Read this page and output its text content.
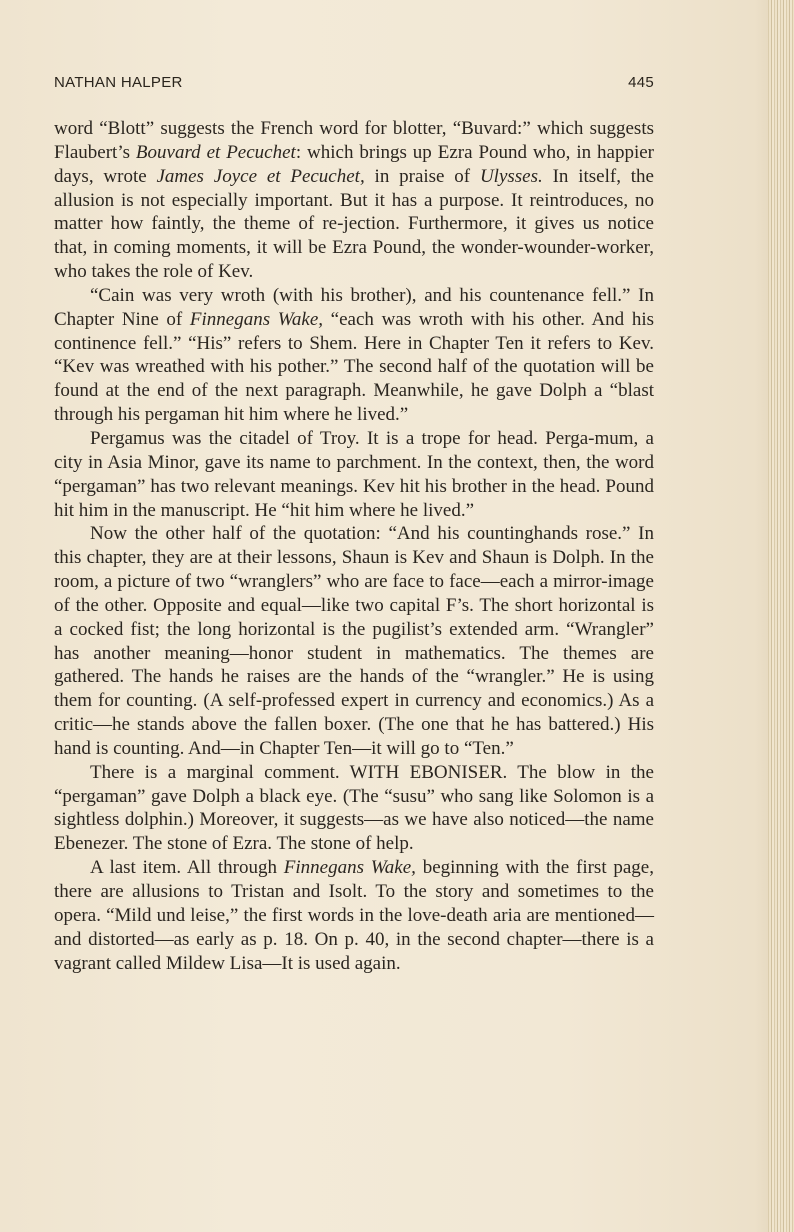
NATHAN HALPER	445

word “Blott” suggests the French word for blotter, “Buvard:” which suggests Flaubert’s Bouvard et Pecuchet: which brings up Ezra Pound who, in happier days, wrote James Joyce et Pecuchet, in praise of Ulysses. In itself, the allusion is not especially important. But it has a purpose. It reintroduces, no matter how faintly, the theme of re-jection. Furthermore, it gives us notice that, in coming moments, it will be Ezra Pound, the wonder-wounder-worker, who takes the role of Kev.

“Cain was very wroth (with his brother), and his countenance fell.” In Chapter Nine of Finnegans Wake, “each was wroth with his other. And his continence fell.” “His” refers to Shem. Here in Chapter Ten it refers to Kev. “Kev was wreathed with his pother.” The second half of the quotation will be found at the end of the next paragraph. Meanwhile, he gave Dolph a “blast through his pergaman hit him where he lived.”

Pergamus was the citadel of Troy. It is a trope for head. Perga-mum, a city in Asia Minor, gave its name to parchment. In the context, then, the word “pergaman” has two relevant meanings. Kev hit his brother in the head. Pound hit him in the manuscript. He “hit him where he lived.”

Now the other half of the quotation: “And his countinghands rose.” In this chapter, they are at their lessons, Shaun is Kev and Shaun is Dolph. In the room, a picture of two “wranglers” who are face to face—each a mirror-image of the other. Opposite and equal—like two capital F’s. The short horizontal is a cocked fist; the long horizontal is the pugilist’s extended arm. “Wrangler” has another meaning—honor student in mathematics. The themes are gathered. The hands he raises are the hands of the “wrangler.” He is using them for counting. (A self-professed expert in currency and economics.) As a critic—he stands above the fallen boxer. (The one that he has battered.) His hand is counting. And—in Chapter Ten—it will go to “Ten.”

There is a marginal comment. WITH EBONISER. The blow in the “pergaman” gave Dolph a black eye. (The “susu” who sang like Solomon is a sightless dolphin.) Moreover, it suggests—as we have also noticed—the name Ebenezer. The stone of Ezra. The stone of help.

A last item. All through Finnegans Wake, beginning with the first page, there are allusions to Tristan and Isolt. To the story and sometimes to the opera. “Mild und leise,” the first words in the love-death aria are mentioned—and distorted—as early as p. 18. On p. 40, in the second chapter—there is a vagrant called Mildew Lisa—It is used again.
